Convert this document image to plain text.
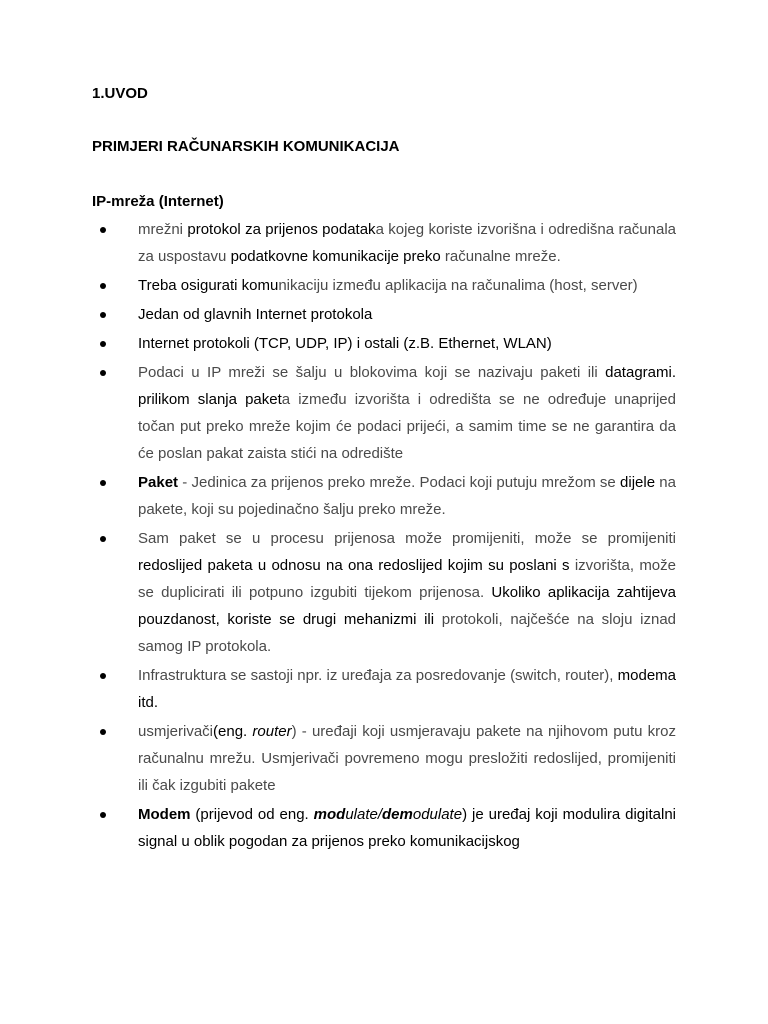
1.UVOD

PRIMJERI RAČUNARSKIH KOMUNIKACIJA

IP-mreža (Internet)

mrežni protokol za prijenos podataka kojeg koriste izvorišna i odredišna računala za uspostavu podatkovne komunikacije preko računalne mreže.
Treba osigurati komunikaciju između aplikacija na računalima (host, server)
Jedan od glavnih Internet protokola
Internet protokoli (TCP, UDP, IP) i ostali (z.B. Ethernet, WLAN)
Podaci u IP mreži se šalju u blokovima koji se nazivaju paketi ili datagrami. prilikom slanja paketa između izvorišta i odredišta se ne određuje unaprijed točan put preko mreže kojim će podaci prijeći, a samim time se ne garantira da će poslan pakat zaista stići na odredište
Paket - Jedinica za prijenos preko mreže. Podaci koji putuju mrežom se dijele na pakete, koji su pojedinačno šalju preko mreže.
Sam paket se u procesu prijenosa može promijeniti, može se promijeniti redoslijed paketa u odnosu na ona redoslijed kojim su poslani s izvorišta, može se duplicirati ili potpuno izgubiti tijekom prijenosa. Ukoliko aplikacija zahtijeva pouzdanost, koriste se drugi mehanizmi ili protokoli, najčešće na sloju iznad samog IP protokola.
Infrastruktura se sastoji npr. iz uređaja za posredovanje (switch, router), modema itd.
usmjerivači(eng. router) - uređaji koji usmjeravaju pakete na njihovom putu kroz računalnu mrežu. Usmjerivači povremeno mogu presložiti redoslijed, promijeniti ili čak izgubiti pakete
Modem (prijevod od eng. modulate/demodulate) je uređaj koji modulira digitalni signal u oblik pogodan za prijenos preko komunikacijskog
